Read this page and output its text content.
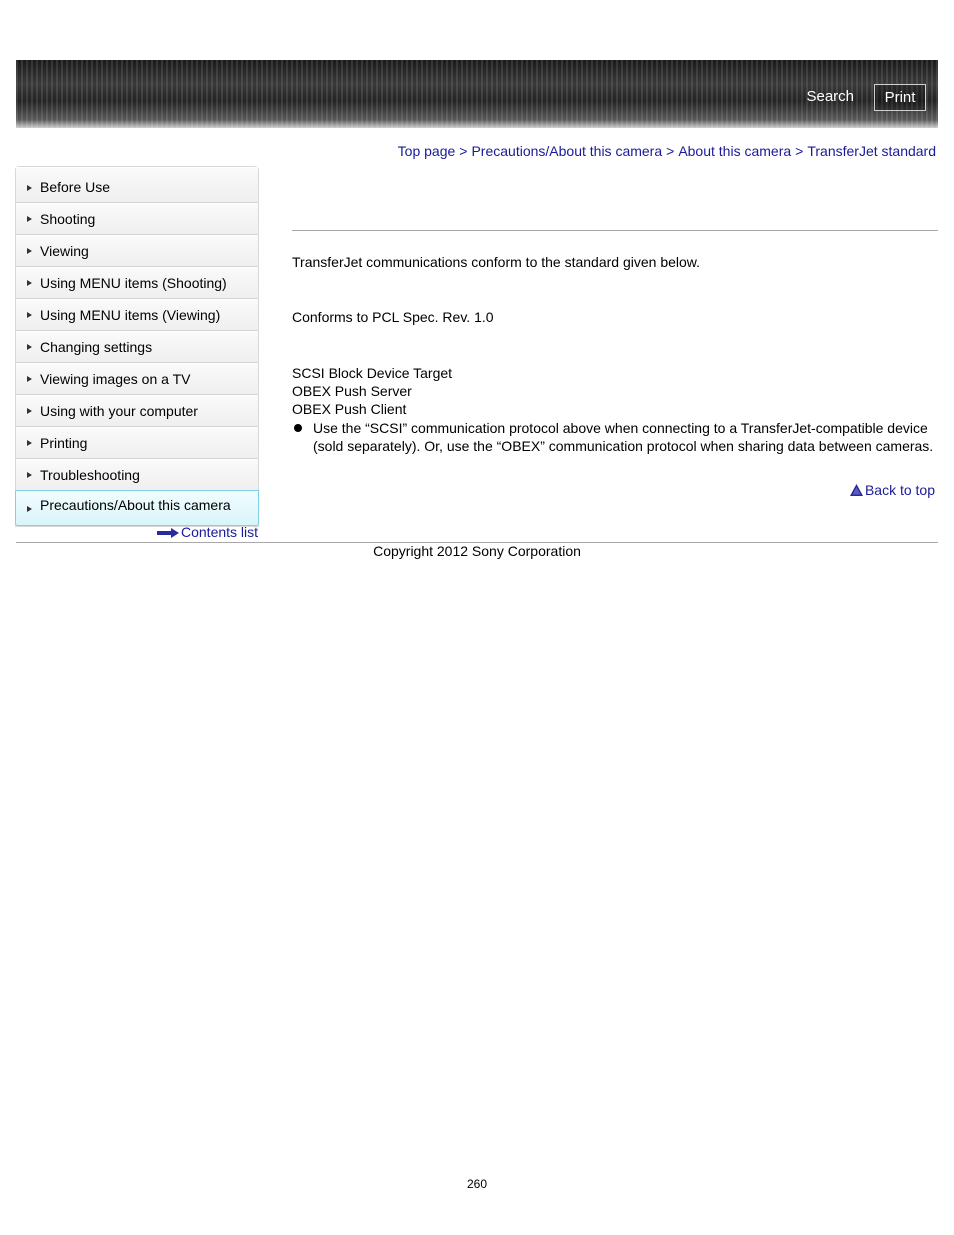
Search	Print
Top page > Precautions/About this camera > About this camera > TransferJet standard
Before Use
Shooting
Viewing
Using MENU items (Shooting)
Using MENU items (Viewing)
Changing settings
Viewing images on a TV
Using with your computer
Printing
Troubleshooting
Precautions/About this camera
Contents list
TransferJet communications conform to the standard given below.
Conforms to PCL Spec. Rev. 1.0
SCSI Block Device Target
OBEX Push Server
OBEX Push Client
Use the “SCSI” communication protocol above when connecting to a TransferJet-compatible device (sold separately). Or, use the “OBEX” communication protocol when sharing data between cameras.
Back to top
Copyright 2012 Sony Corporation
260
